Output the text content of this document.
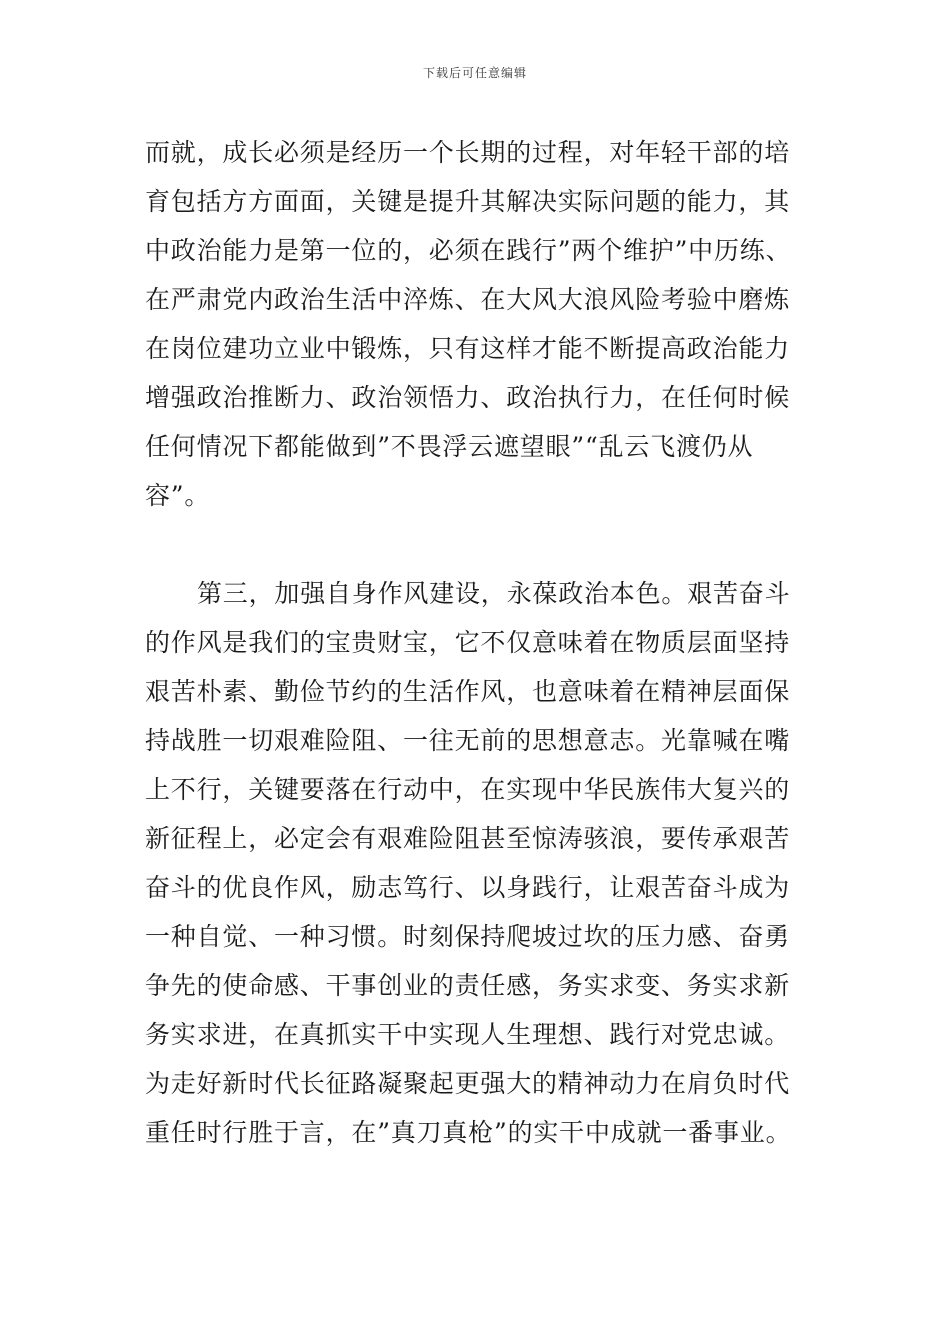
下载后可任意编辑
而就，成长必须是经历一个长期的过程，对年轻干部的培
育包括方方面面，关键是提升其解决实际问题的能力，其
中政治能力是第一位的，必须在践行”两个维护”中历练、
在严肃党内政治生活中淬炼、在大风大浪风险考验中磨炼
在岗位建功立业中锻炼，只有这样才能不断提高政治能力
增强政治推断力、政治领悟力、政治执行力，在任何时候
任何情况下都能做到”不畏浮云遮望眼”“乱云飞渡仍从
容”。
第三，加强自身作风建设，永葆政治本色。艰苦奋斗
的作风是我们的宝贵财宝，它不仅意味着在物质层面坚持
艰苦朴素、勤俭节约的生活作风，也意味着在精神层面保
持战胜一切艰难险阻、一往无前的思想意志。光靠喊在嘴
上不行，关键要落在行动中，在实现中华民族伟大复兴的
新征程上，必定会有艰难险阻甚至惊涛骇浪，要传承艰苦
奋斗的优良作风，励志笃行、以身践行，让艰苦奋斗成为
一种自觉、一种习惯。时刻保持爬坡过坎的压力感、奋勇
争先的使命感、干事创业的责任感，务实求变、务实求新
务实求进，在真抓实干中实现人生理想、践行对党忠诚。
为走好新时代长征路凝聚起更强大的精神动力在肩负时代
重任时行胜于言，在”真刀真枪”的实干中成就一番事业。
